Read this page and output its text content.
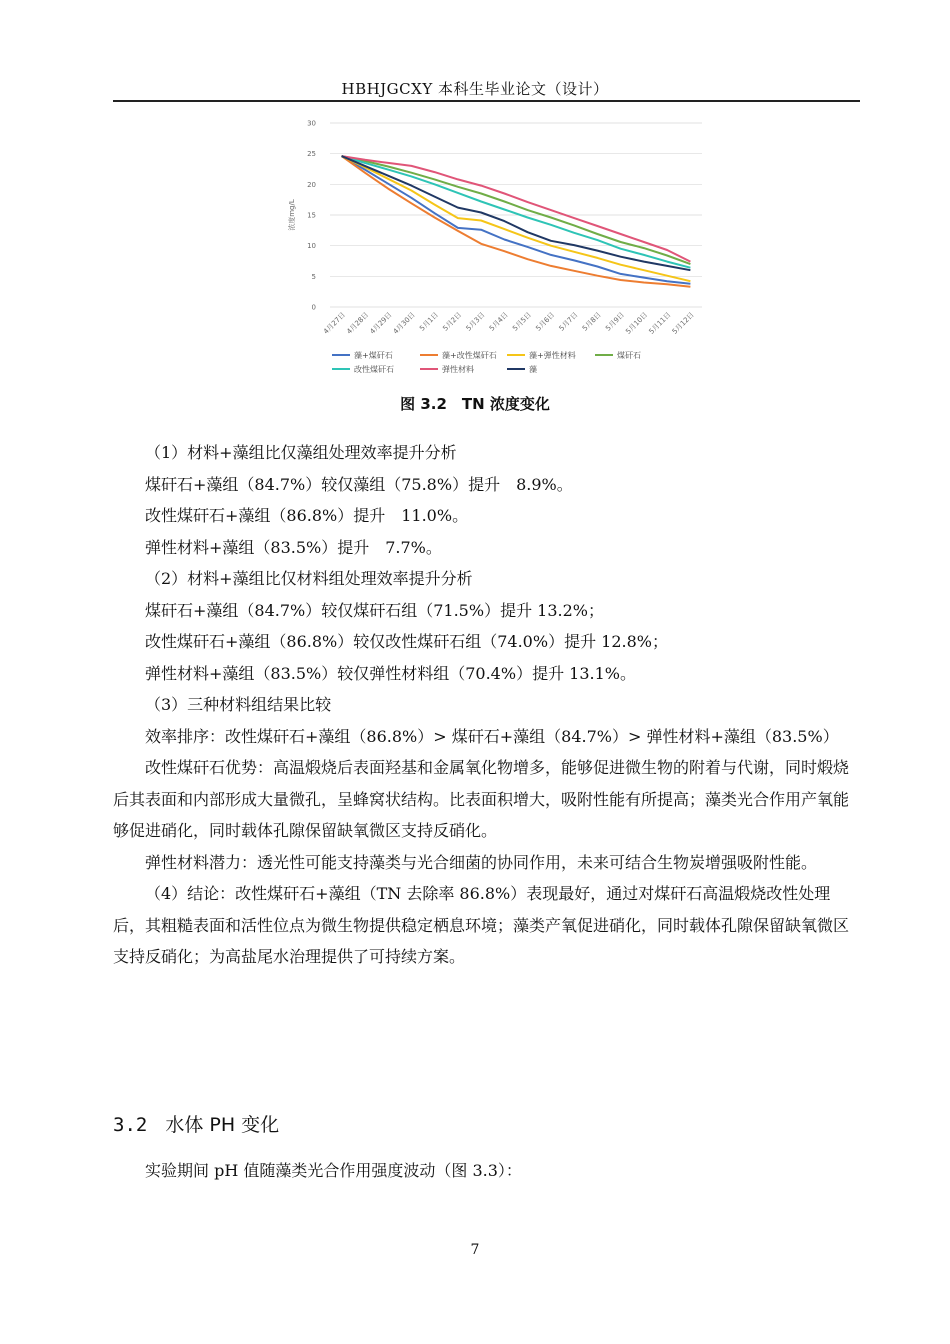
HBHJGCXY 本科生毕业论文（设计）
0
5
10
15
20
25
30
浓度mg/L
4月27日
4月28日
4月29日
4月30日 5月1日 5月2日 5月3日 5月4日 5月5日 5月6日 5月7日 5月8日 5月9日
5月10日
5月11日
5月12日
藻+煤矸石	藻+改性煤矸石	藻+弹性材料	煤矸石
改性煤矸石	弹性材料	藻
图 3.2　TN 浓度变化

（1）材料+藻组比仅藻组处理效率提升分析

煤矸石+藻组（84.7%）较仅藻组（75.8%）提升　8.9%。

改性煤矸石+藻组（86.8%）提升　11.0%。

弹性材料+藻组（83.5%）提升　7.7%。

（2）材料+藻组比仅材料组处理效率提升分析

煤矸石+藻组（84.7%）较仅煤矸石组（71.5%）提升 13.2%；

改性煤矸石+藻组（86.8%）较仅改性煤矸石组（74.0%）提升 12.8%；

弹性材料+藻组（83.5%）较仅弹性材料组（70.4%）提升 13.1%。

（3）三种材料组结果比较

效率排序：改性煤矸石+藻组（86.8%）> 煤矸石+藻组（84.7%）> 弹性材料+藻组（83.5%）

改性煤矸石优势：高温煅烧后表面羟基和金属氧化物增多，能够促进微生物的附着与代谢，同时煅烧后其表面和内部形成大量微孔，呈蜂窝状结构。比表面积增大，吸附性能有所提高；藻类光合作用产氧能够促进硝化，同时载体孔隙保留缺氧微区支持反硝化。

弹性材料潜力：透光性可能支持藻类与光合细菌的协同作用，未来可结合生物炭增强吸附性能。

（4）结论：改性煤矸石+藻组（TN 去除率 86.8%）表现最好，通过对煤矸石高温煅烧改性处理后，其粗糙表面和活性位点为微生物提供稳定栖息环境；藻类产氧促进硝化，同时载体孔隙保留缺氧微区支持反硝化；为高盐尾水治理提供了可持续方案。

3.2 水体 PH 变化
实验期间 pH 值随藻类光合作用强度波动（图 3.3）：
7
